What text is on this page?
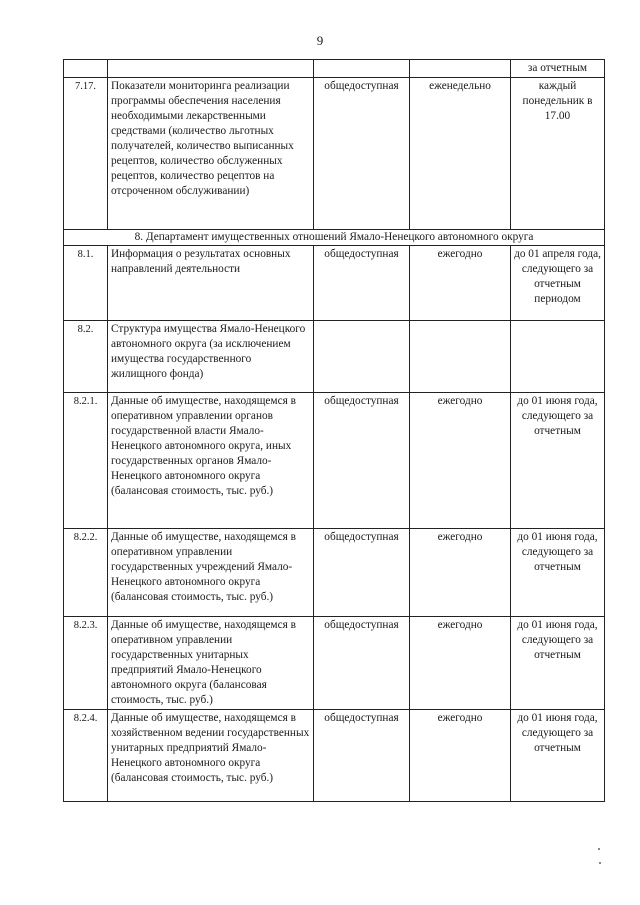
9
				за отчетным
7.17.	Показатели мониторинга реализации программы обеспечения населения необходимыми лекарственными средствами (количество льготных получателей, количество выписанных рецептов, количество обслуженных рецептов, количество рецептов на отсроченном обслуживании)	общедоступная	еженедельно	каждый понедельник в 17.00
8. Департамент имущественных отношений Ямало-Ненецкого автономного округа				
8.1.	Информация о результатах основных направлений деятельности	общедоступная	ежегодно	до 01 апреля года, следующего за отчетным периодом
8.2.	Структура имущества Ямало-Ненецкого автономного округа (за исключением имущества государственного жилищного фонда)			
8.2.1.	Данные об имуществе, находящемся в оперативном управлении органов государственной власти Ямало-Ненецкого автономного округа, иных государственных органов Ямало-Ненецкого автономного округа (балансовая стоимость, тыс. руб.)	общедоступная	ежегодно	до 01 июня года, следующего за отчетным
8.2.2.	Данные об имуществе, находящемся в оперативном управлении государственных учреждений Ямало-Ненецкого автономного округа (балансовая стоимость, тыс. руб.)	общедоступная	ежегодно	до 01 июня года, следующего за отчетным
8.2.3.	Данные об имуществе, находящемся в оперативном управлении государственных унитарных предприятий Ямало-Ненецкого автономного округа (балансовая стоимость, тыс. руб.)	общедоступная	ежегодно	до 01 июня года, следующего за отчетным
8.2.4.	Данные об имуществе, находящемся в хозяйственном ведении государственных унитарных предприятий Ямало-Ненецкого автономного округа (балансовая стоимость, тыс. руб.)	общедоступная	ежегодно	до 01 июня года, следующего за отчетным
